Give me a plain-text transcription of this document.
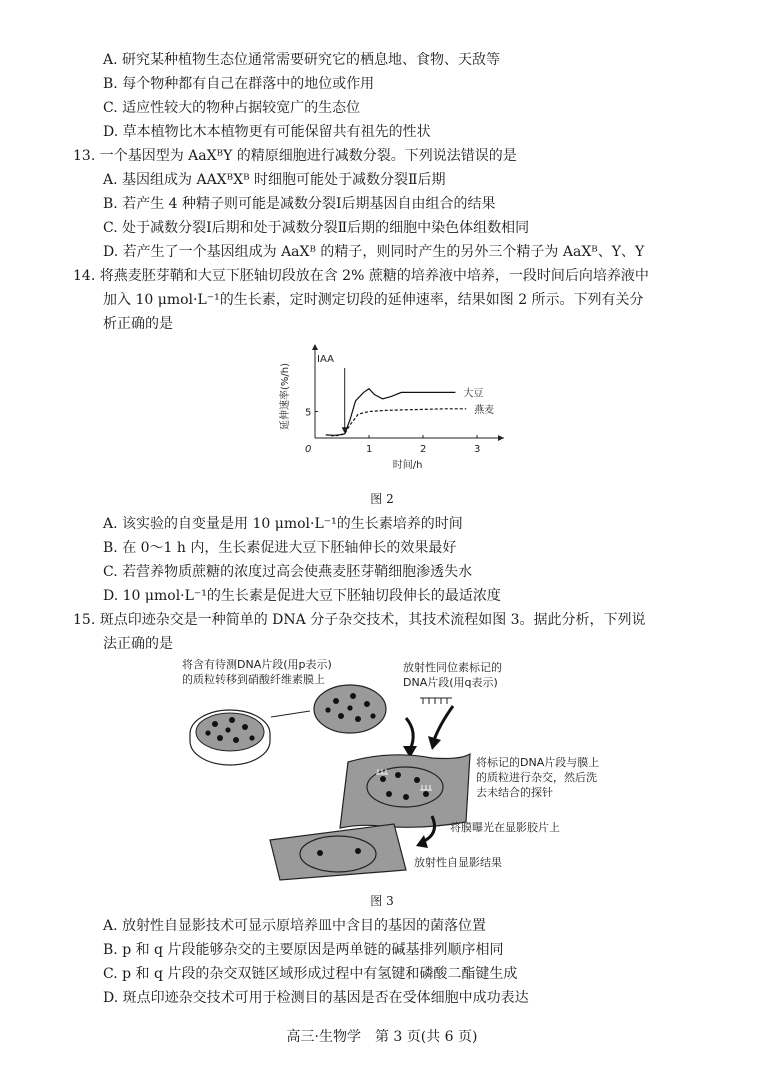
A. 研究某种植物生态位通常需要研究它的栖息地、食物、天敌等
B. 每个物种都有自己在群落中的地位或作用
C. 适应性较大的物种占据较宽广的生态位
D. 草本植物比木本植物更有可能保留共有祖先的性状
13. 一个基因型为 AaXᴮY 的精原细胞进行减数分裂。下列说法错误的是
A. 基因组成为 AAXᴮXᴮ 时细胞可能处于减数分裂Ⅱ后期
B. 若产生 4 种精子则可能是减数分裂Ⅰ后期基因自由组合的结果
C. 处于减数分裂Ⅰ后期和处于减数分裂Ⅱ后期的细胞中染色体组数相同
D. 若产生了一个基因组成为 AaXᴮ 的精子，则同时产生的另外三个精子为 AaXᴮ、Y、Y
14. 将燕麦胚芽鞘和大豆下胚轴切段放在含 2% 蔗糖的培养液中培养，一段时间后向培养液中
加入 10 μmol·L⁻¹的生长素，定时测定切段的延伸速率，结果如图 2 所示。下列有关分
析正确的是
0	1	2	3
5
延伸速率(%/h)
时间/h
IAA
大豆
燕麦
图 2
A. 该实验的自变量是用 10 μmol·L⁻¹的生长素培养的时间
B. 在 0～1 h 内，生长素促进大豆下胚轴伸长的效果最好
C. 若营养物质蔗糖的浓度过高会使燕麦胚芽鞘细胞渗透失水
D. 10 μmol·L⁻¹的生长素是促进大豆下胚轴切段伸长的最适浓度
15. 斑点印迹杂交是一种简单的 DNA 分子杂交技术，其技术流程如图 3。据此分析，下列说
法正确的是
将含有待测DNA片段(用p表示)
的质粒转移到硝酸纤维素膜上
放射性同位素标记的
DNA片段(用q表示)
将标记的DNA片段与膜上
的质粒进行杂交，然后洗
去未结合的探针
将膜曝光在显影胶片上
放射性自显影结果
图 3
A. 放射性自显影技术可显示原培养皿中含目的基因的菌落位置
B. p 和 q 片段能够杂交的主要原因是两单链的碱基排列顺序相同
C. p 和 q 片段的杂交双链区域形成过程中有氢键和磷酸二酯键生成
D. 斑点印迹杂交技术可用于检测目的基因是否在受体细胞中成功表达
高三·生物学　第 3 页(共 6 页)
